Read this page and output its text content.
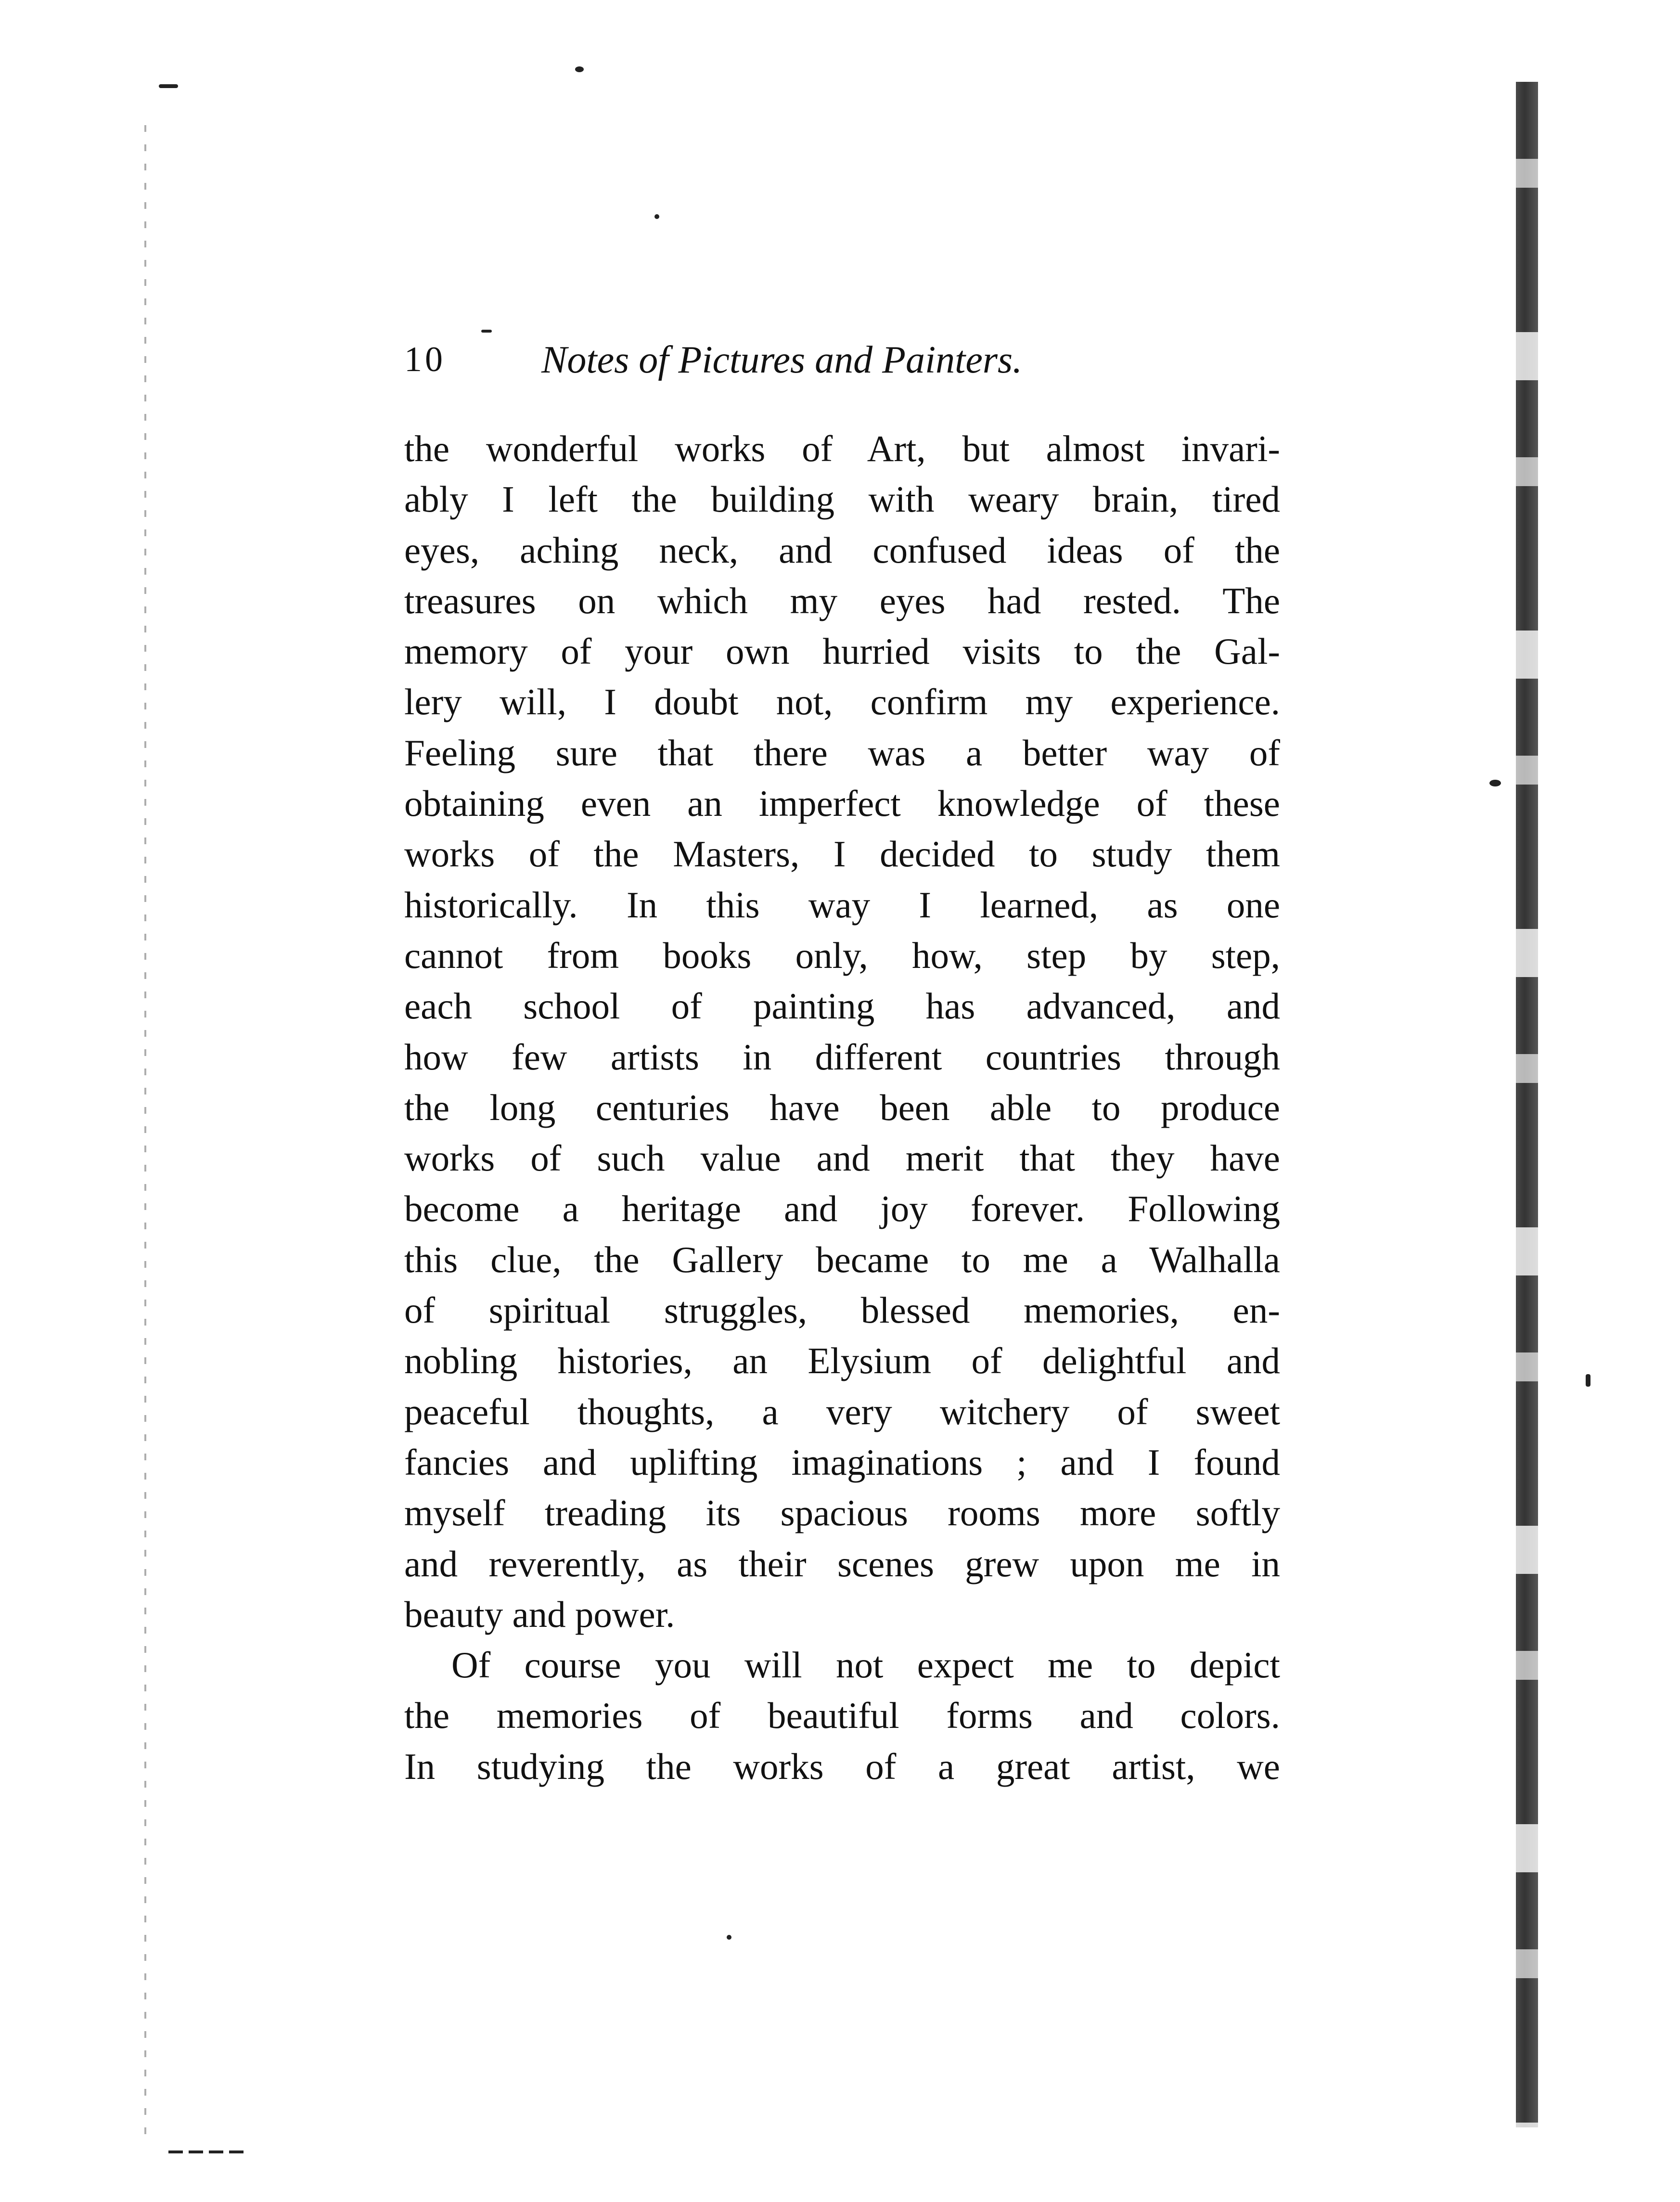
10 Notes of Pictures and Painters.
the wonderful works of Art, but almost invari-
ably I left the building with weary brain, tired
eyes, aching neck, and confused ideas of the
treasures on which my eyes had rested. The
memory of your own hurried visits to the Gal-
lery will, I doubt not, confirm my experience.
Feeling sure that there was a better way of
obtaining even an imperfect knowledge of these
works of the Masters, I decided to study them
historically. In this way I learned, as one
cannot from books only, how, step by step,
each school of painting has advanced, and
how few artists in different countries through
the long centuries have been able to produce
works of such value and merit that they have
become a heritage and joy forever. Following
this clue, the Gallery became to me a Walhalla
of spiritual struggles, blessed memories, en-
nobling histories, an Elysium of delightful and
peaceful thoughts, a very witchery of sweet
fancies and uplifting imaginations ; and I found
myself treading its spacious rooms more softly
and reverently, as their scenes grew upon me in
beauty and power.
Of course you will not expect me to depict
the memories of beautiful forms and colors.
In studying the works of a great artist, we
